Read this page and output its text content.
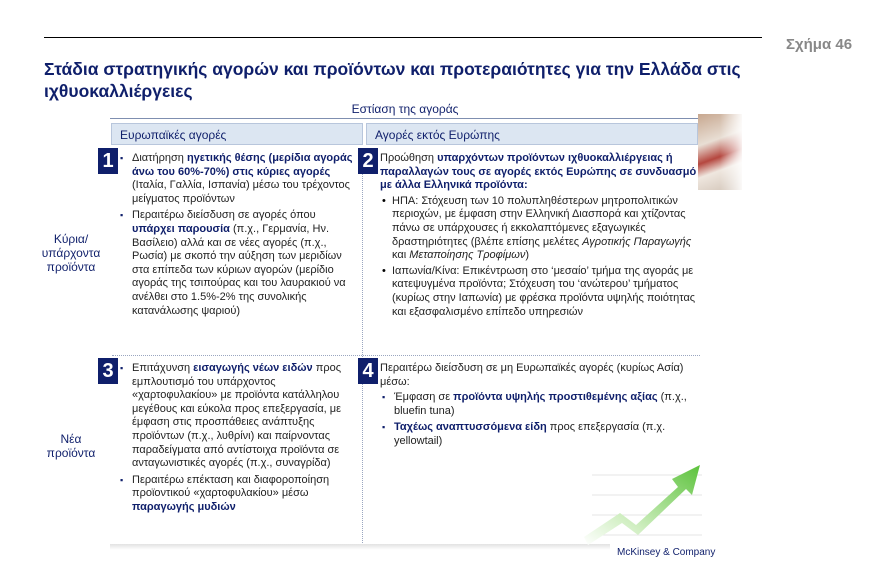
Σχήμα 46
Στάδια στρατηγικής αγορών και προϊόντων και προτεραιότητες για την Ελλάδα στις ιχθυοκαλλιέργειες
Εστίαση της αγοράς
Ευρωπαϊκές αγορές	Αγορές εκτός Ευρώπης
Κύρια/ υπάρχοντα προϊόντα
Νέα προϊόντα
1	▪ Διατήρηση ηγετικής θέσης (μερίδια αγοράς άνω του 60%-70%) στις κύριες αγορές (Ιταλία, Γαλλία, Ισπανία) μέσω του τρέχοντος μείγματος προϊόντων
▪ Περαιτέρω διείσδυση σε αγορές όπου υπάρχει παρουσία (π.χ., Γερμανία, Ην. Βασίλειο) αλλά και σε νέες αγορές (π.χ., Ρωσία) με σκοπό την αύξηση των μεριδίων στα επίπεδα των κύριων αγορών (μερίδιο αγοράς της τσιπούρας και του λαυρακιού να ανέλθει στο 1.5%-2% της συνολικής κατανάλωσης ψαριού)
2 Προώθηση υπαρχόντων προϊόντων ιχθυοκαλλιέργειας ή παραλλαγών τους σε αγορές εκτός Ευρώπης σε συνδυασμό με άλλα Ελληνικά προϊόντα:
• ΗΠΑ: Στόχευση των 10 πολυπληθέστερων μητροπολιτικών περιοχών, με έμφαση στην Ελληνική Διασπορά και χτίζοντας πάνω σε υπάρχουσες ή εκκολαπτόμενες εξαγωγικές δραστηριότητες (βλέπε επίσης μελέτες Αγροτικής Παραγωγής και Μεταποίησης Τροφίμων)
• Ιαπωνία/Κίνα: Επικέντρωση στο ‘μεσαίο’ τμήμα της αγοράς με κατεψυγμένα προϊόντα; Στόχευση του ‘ανώτερου’ τμήματος (κυρίως στην Ιαπωνία) με φρέσκα προϊόντα υψηλής ποιότητας και εξασφαλισμένο επίπεδο υπηρεσιών
3	▪ Επιτάχυνση εισαγωγής νέων ειδών προς εμπλουτισμό του υπάρχοντος «χαρτοφυλακίου» με προϊόντα κατάλληλου μεγέθους και εύκολα προς επεξεργασία, με έμφαση στις προσπάθειες ανάπτυξης προϊόντων (π.χ., λυθρίνι) και παίρνοντας παραδείγματα από αντίστοιχα προϊόντα σε ανταγωνιστικές αγορές (π.χ., συναγρίδα)
▪ Περαιτέρω επέκταση και διαφοροποίηση προϊοντικού «χαρτοφυλακίου» μέσω παραγωγής μυδιών
4 Περαιτέρω διείσδυση σε μη Ευρωπαϊκές αγορές (κυρίως Ασία) μέσω:
▪ Έμφαση σε προϊόντα υψηλής προστιθεμένης αξίας (π.χ., bluefin tuna)
▪ Ταχέως αναπτυσσόμενα είδη προς επεξεργασία (π.χ. yellowtail)
McKinsey & Company
